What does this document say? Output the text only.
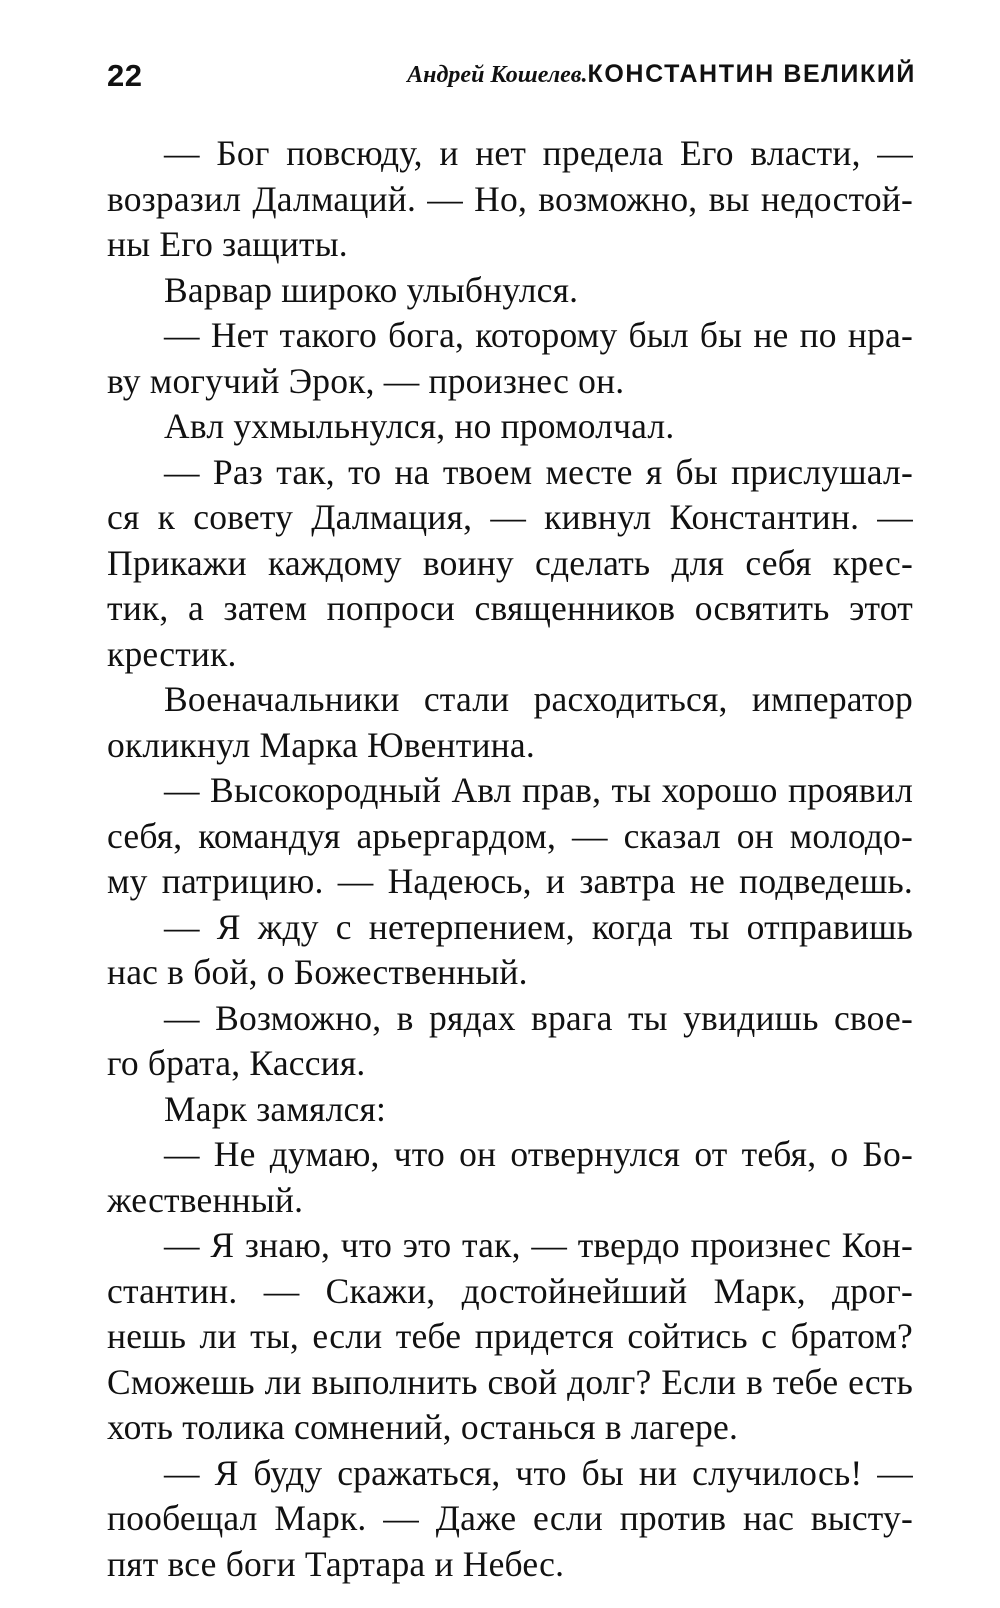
22	Андрей Кошелев.КОНСТАНТИН ВЕЛИКИЙ
— Бог повсюду, и нет предела Его власти, —
возразил Далмаций. — Но, возможно, вы недостой-
ны Его защиты.
Варвар широко улыбнулся.
— Нет такого бога, которому был бы не по нра-
ву могучий Эрок, — произнес он.
Авл ухмыльнулся, но промолчал.
— Раз так, то на твоем месте я бы прислушал-
ся к совету Далмация, — кивнул Константин. —
Прикажи каждому воину сделать для себя крес-
тик, а затем попроси священников освятить этот
крестик.
Военачальники стали расходиться, император
окликнул Марка Ювентина.
— Высокородный Авл прав, ты хорошо проявил
себя, командуя арьергардом, — сказал он молодо-
му патрицию. — Надеюсь, и завтра не подведешь.
— Я жду с нетерпением, когда ты отправишь
нас в бой, о Божественный.
— Возможно, в рядах врага ты увидишь свое-
го брата, Кассия.
Марк замялся:
— Не думаю, что он отвернулся от тебя, о Бо-
жественный.
— Я знаю, что это так, — твердо произнес Кон-
стантин. — Скажи, достойнейший Марк, дрог-
нешь ли ты, если тебе придется сойтись с братом?
Сможешь ли выполнить свой долг? Если в тебе есть
хоть толика сомнений, останься в лагере.
— Я буду сражаться, что бы ни случилось! —
пообещал Марк. — Даже если против нас высту-
пят все боги Тартара и Небес.
